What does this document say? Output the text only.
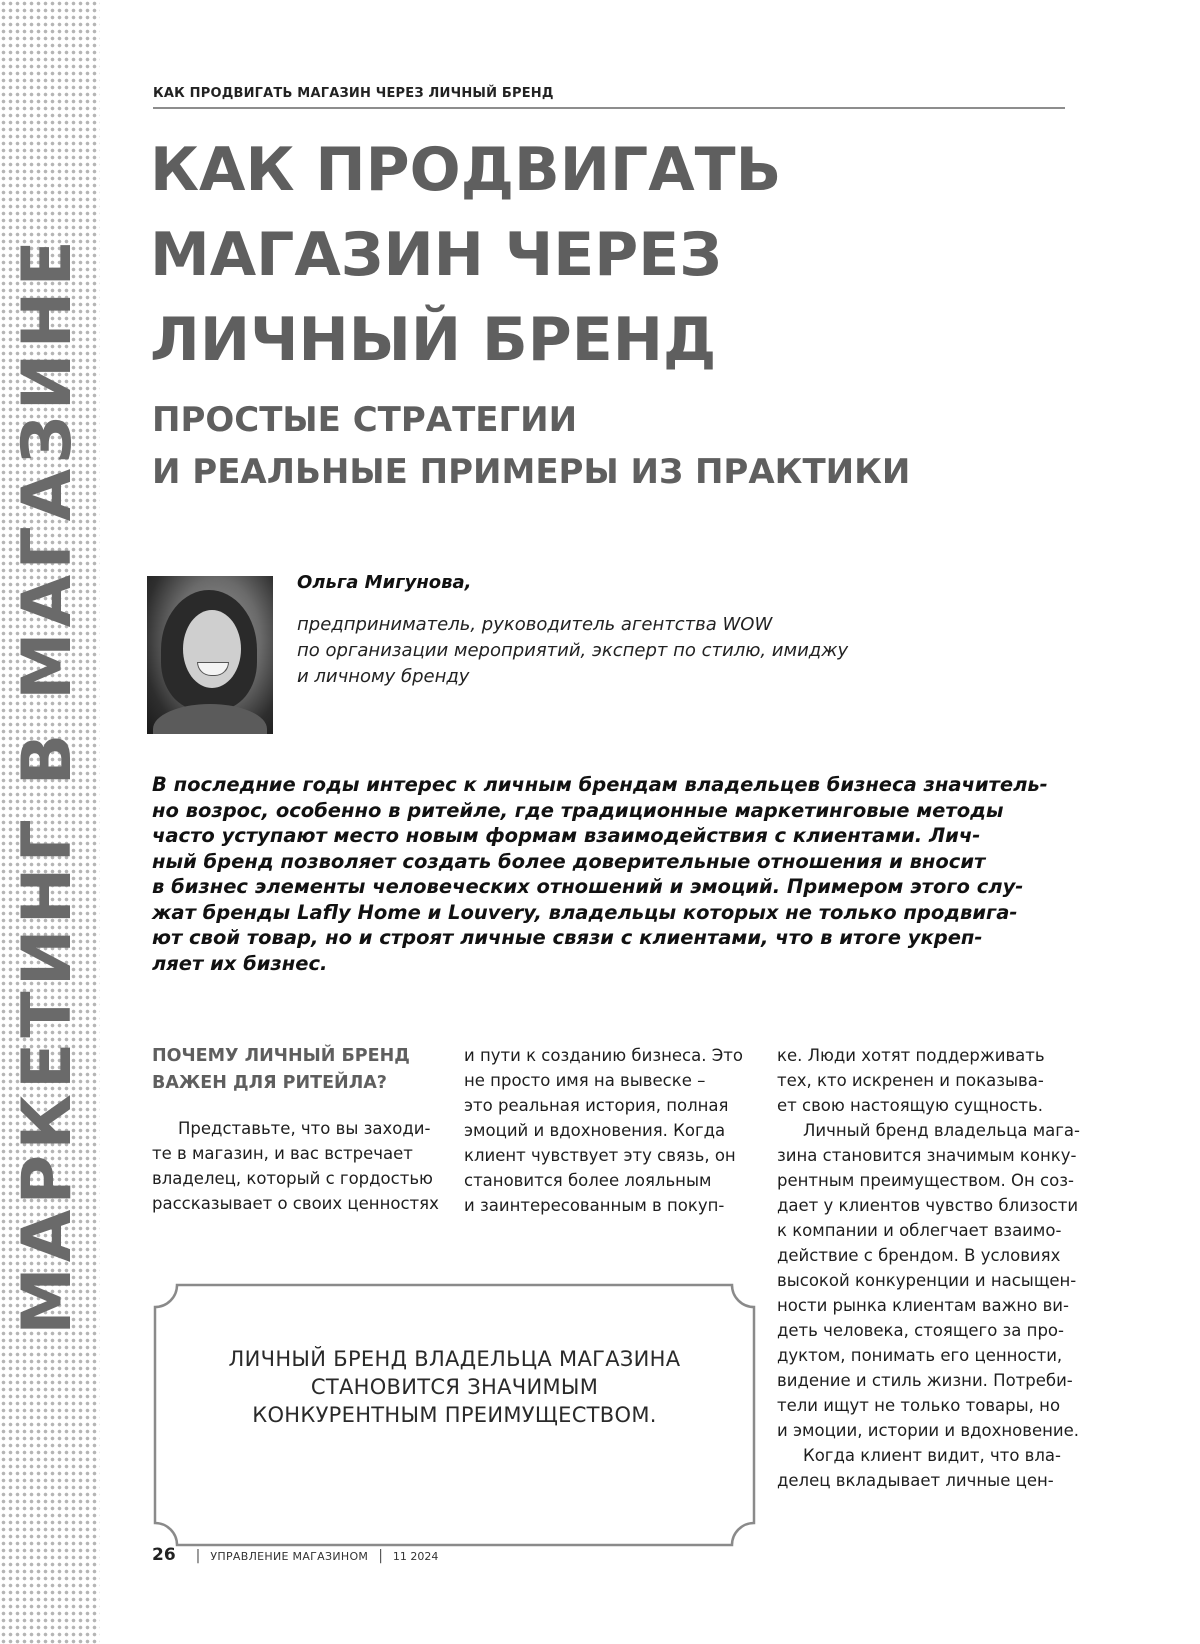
МАРКЕТИНГ В МАГАЗИНЕ
КАК ПРОДВИГАТЬ МАГАЗИН ЧЕРЕЗ ЛИЧНЫЙ БРЕНД
КАК ПРОДВИГАТЬ
МАГАЗИН ЧЕРЕЗ
ЛИЧНЫЙ БРЕНД
ПРОСТЫЕ СТРАТЕГИИ
И РЕАЛЬНЫЕ ПРИМЕРЫ ИЗ ПРАКТИКИ
Ольга Мигунова,
предприниматель, руководитель агентства WOW
по организации мероприятий, эксперт по стилю, имиджу
и личному бренду
В последние годы интерес к личным брендам владельцев бизнеса значитель-
но возрос, особенно в ритейле, где традиционные маркетинговые методы
часто уступают место новым формам взаимодействия с клиентами. Лич-
ный бренд позволяет создать более доверительные отношения и вносит
в бизнес элементы человеческих отношений и эмоций. Примером этого слу-
жат бренды Lafly Home и Louvery, владельцы которых не только продвига-
ют свой товар, но и строят личные связи с клиентами, что в итоге укреп-
ляет их бизнес.
ПОЧЕМУ ЛИЧНЫЙ БРЕНД
ВАЖЕН ДЛЯ РИТЕЙЛА?
Представьте, что вы заходи-
те в магазин, и вас встречает
владелец, который с гордостью
рассказывает о своих ценностях
и пути к созданию бизнеса. Это
не просто имя на вывеске –
это реальная история, полная
эмоций и вдохновения. Когда
клиент чувствует эту связь, он
становится более лояльным
и заинтересованным в покуп-
ке. Люди хотят поддерживать
тех, кто искренен и показыва-
ет свою настоящую сущность.
Личный бренд владельца мага-
зина становится значимым конку-
рентным преимуществом. Он соз-
дает у клиентов чувство близости
к компании и облегчает взаимо-
действие с брендом. В условиях
высокой конкуренции и насыщен-
ности рынка клиентам важно ви-
деть человека, стоящего за про-
дуктом, понимать его ценности,
видение и стиль жизни. Потреби-
тели ищут не только товары, но
и эмоции, истории и вдохновение.
Когда клиент видит, что вла-
делец вкладывает личные цен-
ЛИЧНЫЙ БРЕНД ВЛАДЕЛЬЦА МАГАЗИНА
СТАНОВИТСЯ ЗНАЧИМЫМ
КОНКУРЕНТНЫМ ПРЕИМУЩЕСТВОМ.
26 | УПРАВЛЕНИЕ МАГАЗИНОМ | 11 2024
